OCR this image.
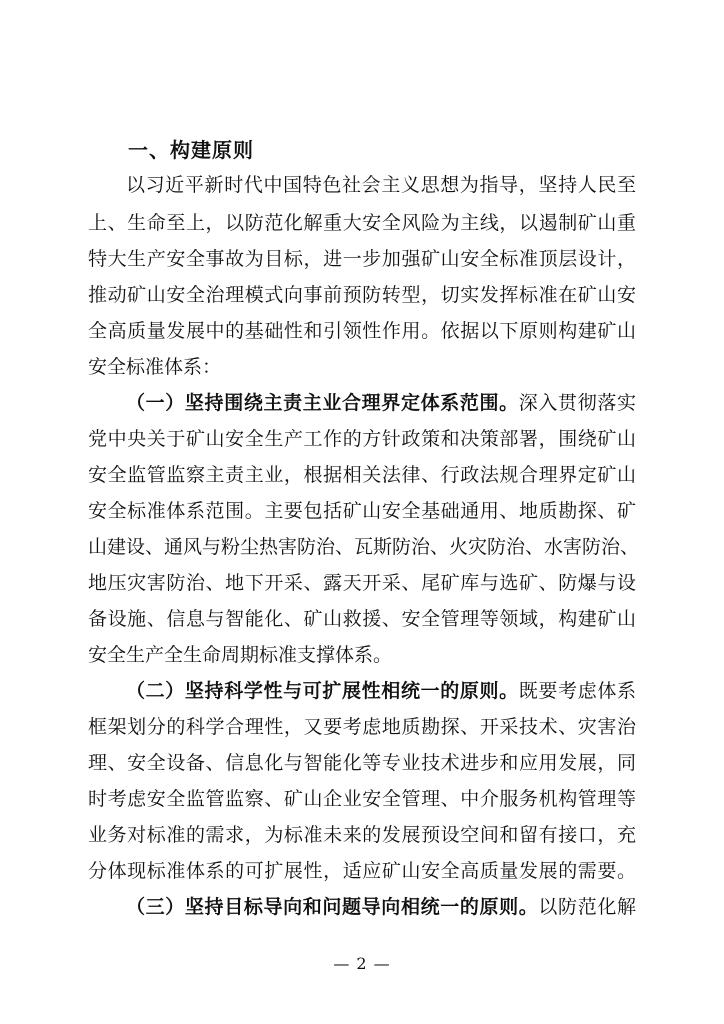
一、构建原则
以习近平新时代中国特色社会主义思想为指导，坚持人民至
上、生命至上，以防范化解重大安全风险为主线，以遏制矿山重
特大生产安全事故为目标，进一步加强矿山安全标准顶层设计，
推动矿山安全治理模式向事前预防转型，切实发挥标准在矿山安
全高质量发展中的基础性和引领性作用。依据以下原则构建矿山
安全标准体系：
（一）坚持围绕主责主业合理界定体系范围。深入贯彻落实
党中央关于矿山安全生产工作的方针政策和决策部署，围绕矿山
安全监管监察主责主业，根据相关法律、行政法规合理界定矿山
安全标准体系范围。主要包括矿山安全基础通用、地质勘探、矿
山建设、通风与粉尘热害防治、瓦斯防治、火灾防治、水害防治、
地压灾害防治、地下开采、露天开采、尾矿库与选矿、防爆与设
备设施、信息与智能化、矿山救援、安全管理等领域，构建矿山
安全生产全生命周期标准支撑体系。
（二）坚持科学性与可扩展性相统一的原则。既要考虑体系
框架划分的科学合理性，又要考虑地质勘探、开采技术、灾害治
理、安全设备、信息化与智能化等专业技术进步和应用发展，同
时考虑安全监管监察、矿山企业安全管理、中介服务机构管理等
业务对标准的需求，为标准未来的发展预设空间和留有接口，充
分体现标准体系的可扩展性，适应矿山安全高质量发展的需要。
（三）坚持目标导向和问题导向相统一的原则。以防范化解
— 2 —
